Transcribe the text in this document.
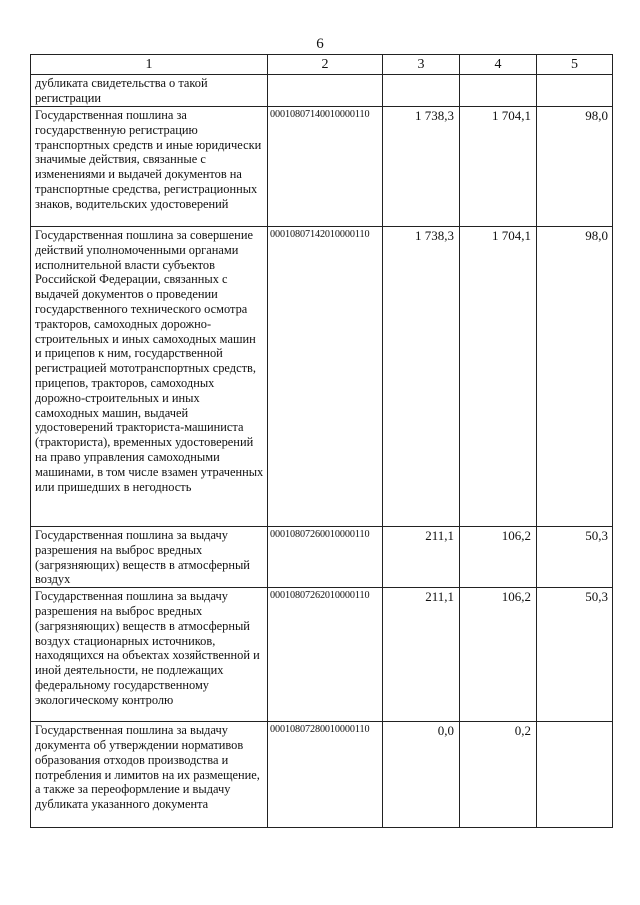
6
1	2	3	4	5
дубликата свидетельства о такой регистрации				
Государственная пошлина за государственную регистрацию транспортных средств и иные юридически значимые действия, связанные с изменениями и выдачей документов на транспортные средства, регистрационных знаков, водительских удостоверений	00010807140010000110	1 738,3	1 704,1	98,0
Государственная пошлина за совершение действий уполномоченными органами исполнительной власти субъектов Российской Федерации, связанных с выдачей документов о проведении государственного технического осмотра тракторов, самоходных дорожно-строительных и иных самоходных машин и прицепов к ним, государственной регистрацией мототранспортных средств, прицепов, тракторов, самоходных дорожно-строительных и иных самоходных машин, выдачей удостоверений тракториста-машиниста (тракториста), временных удостоверений на право управления самоходными машинами, в том числе взамен утраченных или пришедших в негодность	00010807142010000110	1 738,3	1 704,1	98,0
Государственная пошлина за выдачу разрешения на выброс вредных (загрязняющих) веществ в атмосферный воздух	00010807260010000110	211,1	106,2	50,3
Государственная пошлина за выдачу разрешения на выброс вредных (загрязняющих) веществ в атмосферный воздух стационарных источников, находящихся на объектах хозяйственной и иной деятельности, не подлежащих федеральному государственному экологическому контролю	00010807262010000110	211,1	106,2	50,3
Государственная пошлина за выдачу документа об утверждении нормативов образования отходов производства и потребления и лимитов на их размещение, а также за переоформление и выдачу дубликата указанного документа	00010807280010000110	0,0	0,2	
